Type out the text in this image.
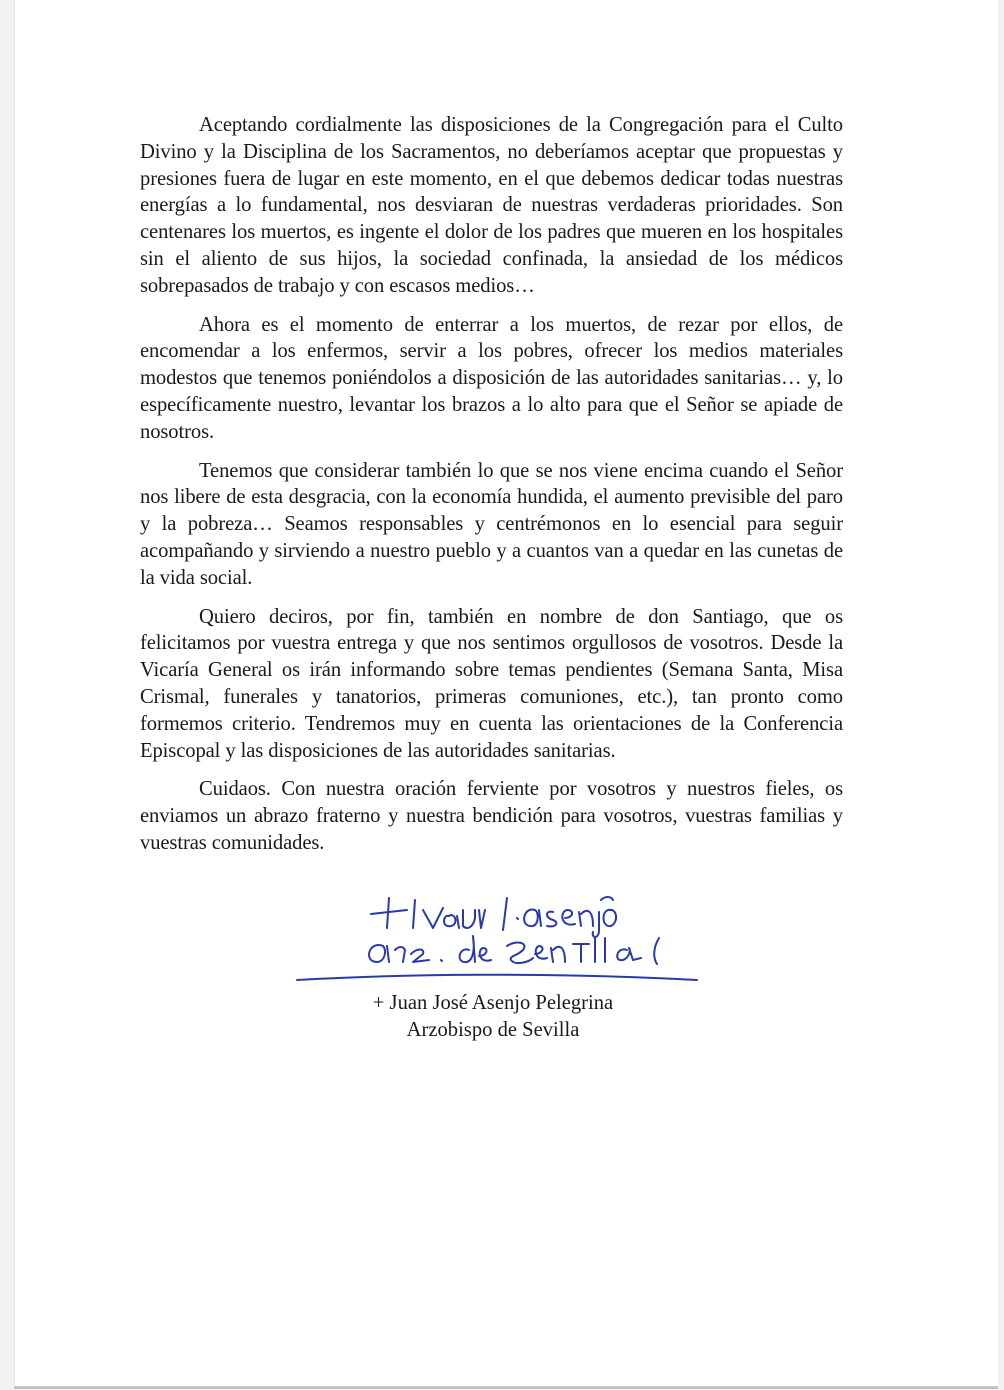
Aceptando cordialmente las disposiciones de la Congregación para el Culto Divino y la Disciplina de los Sacramentos, no deberíamos aceptar que propuestas y presiones fuera de lugar en este momento, en el que debemos dedicar todas nuestras energías a lo fundamental, nos desviaran de nuestras verdaderas prioridades. Son centenares los muertos, es ingente el dolor de los padres que mueren en los hospitales sin el aliento de sus hijos, la sociedad confinada, la ansiedad de los médicos sobrepasados de trabajo y con escasos medios…

Ahora es el momento de enterrar a los muertos, de rezar por ellos, de encomendar a los enfermos, servir a los pobres, ofrecer los medios materiales modestos que tenemos poniéndolos a disposición de las autoridades sanitarias… y, lo específicamente nuestro, levantar los brazos a lo alto para que el Señor se apiade de nosotros.

Tenemos que considerar también lo que se nos viene encima cuando el Señor nos libere de esta desgracia, con la economía hundida, el aumento previsible del paro y la pobreza… Seamos responsables y centrémonos en lo esencial para seguir acompañando y sirviendo a nuestro pueblo y a cuantos van a quedar en las cunetas de la vida social.

Quiero deciros, por fin, también en nombre de don Santiago, que os felicitamos por vuestra entrega y que nos sentimos orgullosos de vosotros. Desde la Vicaría General os irán informando sobre temas pendientes (Semana Santa, Misa Crismal, funerales y tanatorios, primeras comuniones, etc.), tan pronto como formemos criterio. Tendremos muy en cuenta las orientaciones de la Conferencia Episcopal y las disposiciones de las autoridades sanitarias.

Cuidaos. Con nuestra oración ferviente por vosotros y nuestros fieles, os enviamos un abrazo fraterno y nuestra bendición para vosotros, vuestras familias y vuestras comunidades.

+ Juan José Asenjo Pelegrina
Arzobispo de Sevilla
